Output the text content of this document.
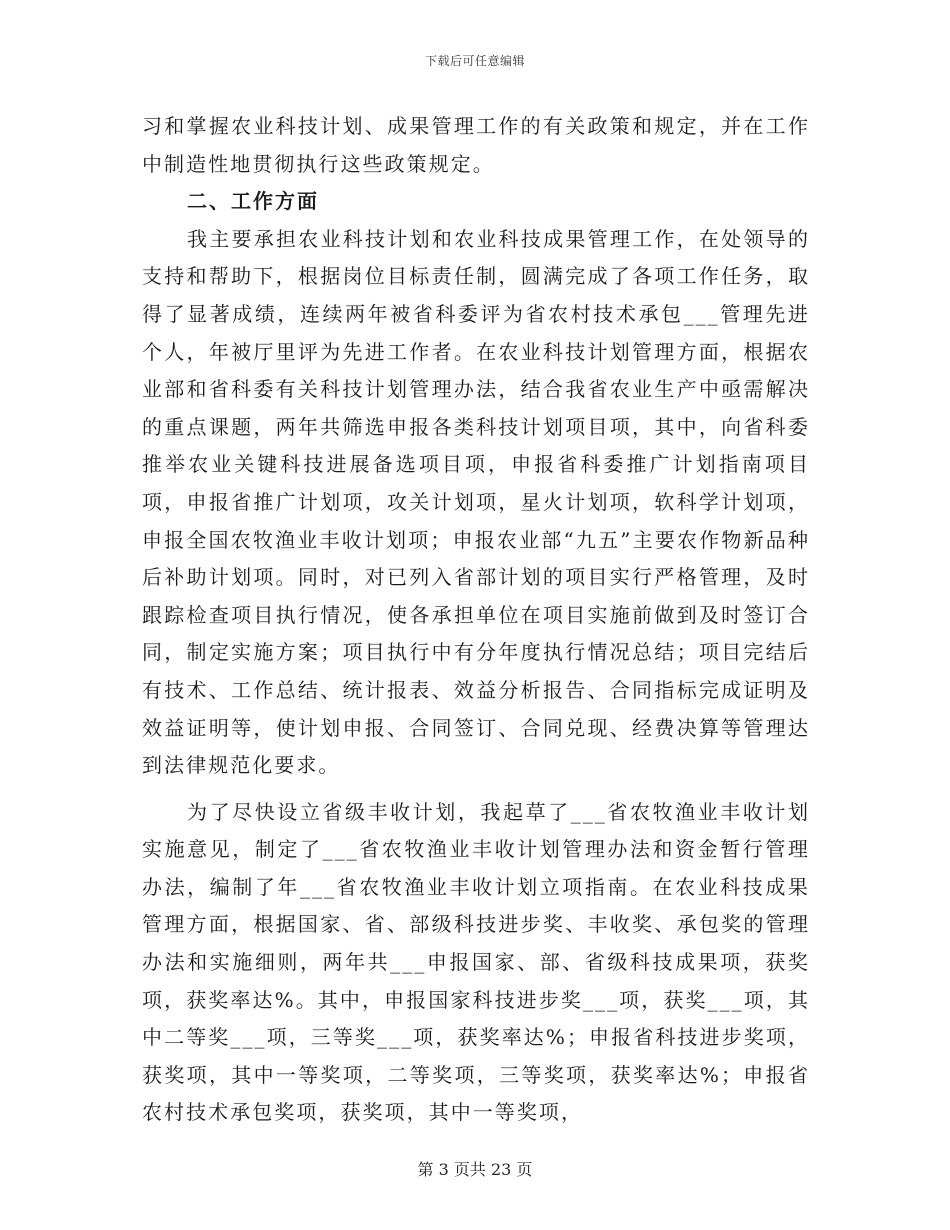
下载后可任意编辑

习和掌握农业科技计划、成果管理工作的有关政策和规定，并在工作中制造性地贯彻执行这些政策规定。

二、工作方面

我主要承担农业科技计划和农业科技成果管理工作，在处领导的支持和帮助下，根据岗位目标责任制，圆满完成了各项工作任务，取得了显著成绩，连续两年被省科委评为省农村技术承包___管理先进个人，年被厅里评为先进工作者。在农业科技计划管理方面，根据农业部和省科委有关科技计划管理办法，结合我省农业生产中亟需解决的重点课题，两年共筛选申报各类科技计划项目项，其中，向省科委推举农业关键科技进展备选项目项，申报省科委推广计划指南项目项，申报省推广计划项，攻关计划项，星火计划项，软科学计划项，申报全国农牧渔业丰收计划项；申报农业部“九五”主要农作物新品种后补助计划项。同时，对已列入省部计划的项目实行严格管理，及时跟踪检查项目执行情况，使各承担单位在项目实施前做到及时签订合同，制定实施方案；项目执行中有分年度执行情况总结；项目完结后有技术、工作总结、统计报表、效益分析报告、合同指标完成证明及效益证明等，使计划申报、合同签订、合同兑现、经费决算等管理达到法律规范化要求。

为了尽快设立省级丰收计划，我起草了___省农牧渔业丰收计划实施意见，制定了___省农牧渔业丰收计划管理办法和资金暂行管理办法，编制了年___省农牧渔业丰收计划立项指南。在农业科技成果管理方面，根据国家、省、部级科技进步奖、丰收奖、承包奖的管理办法和实施细则，两年共___申报国家、部、省级科技成果项，获奖项，获奖率达%。其中，申报国家科技进步奖___项，获奖___项，其中二等奖___项，三等奖___项，获奖率达%；申报省科技进步奖项，获奖项，其中一等奖项，二等奖项，三等奖项，获奖率达%；申报省农村技术承包奖项，获奖项，其中一等奖项，

第 3 页共 23 页
